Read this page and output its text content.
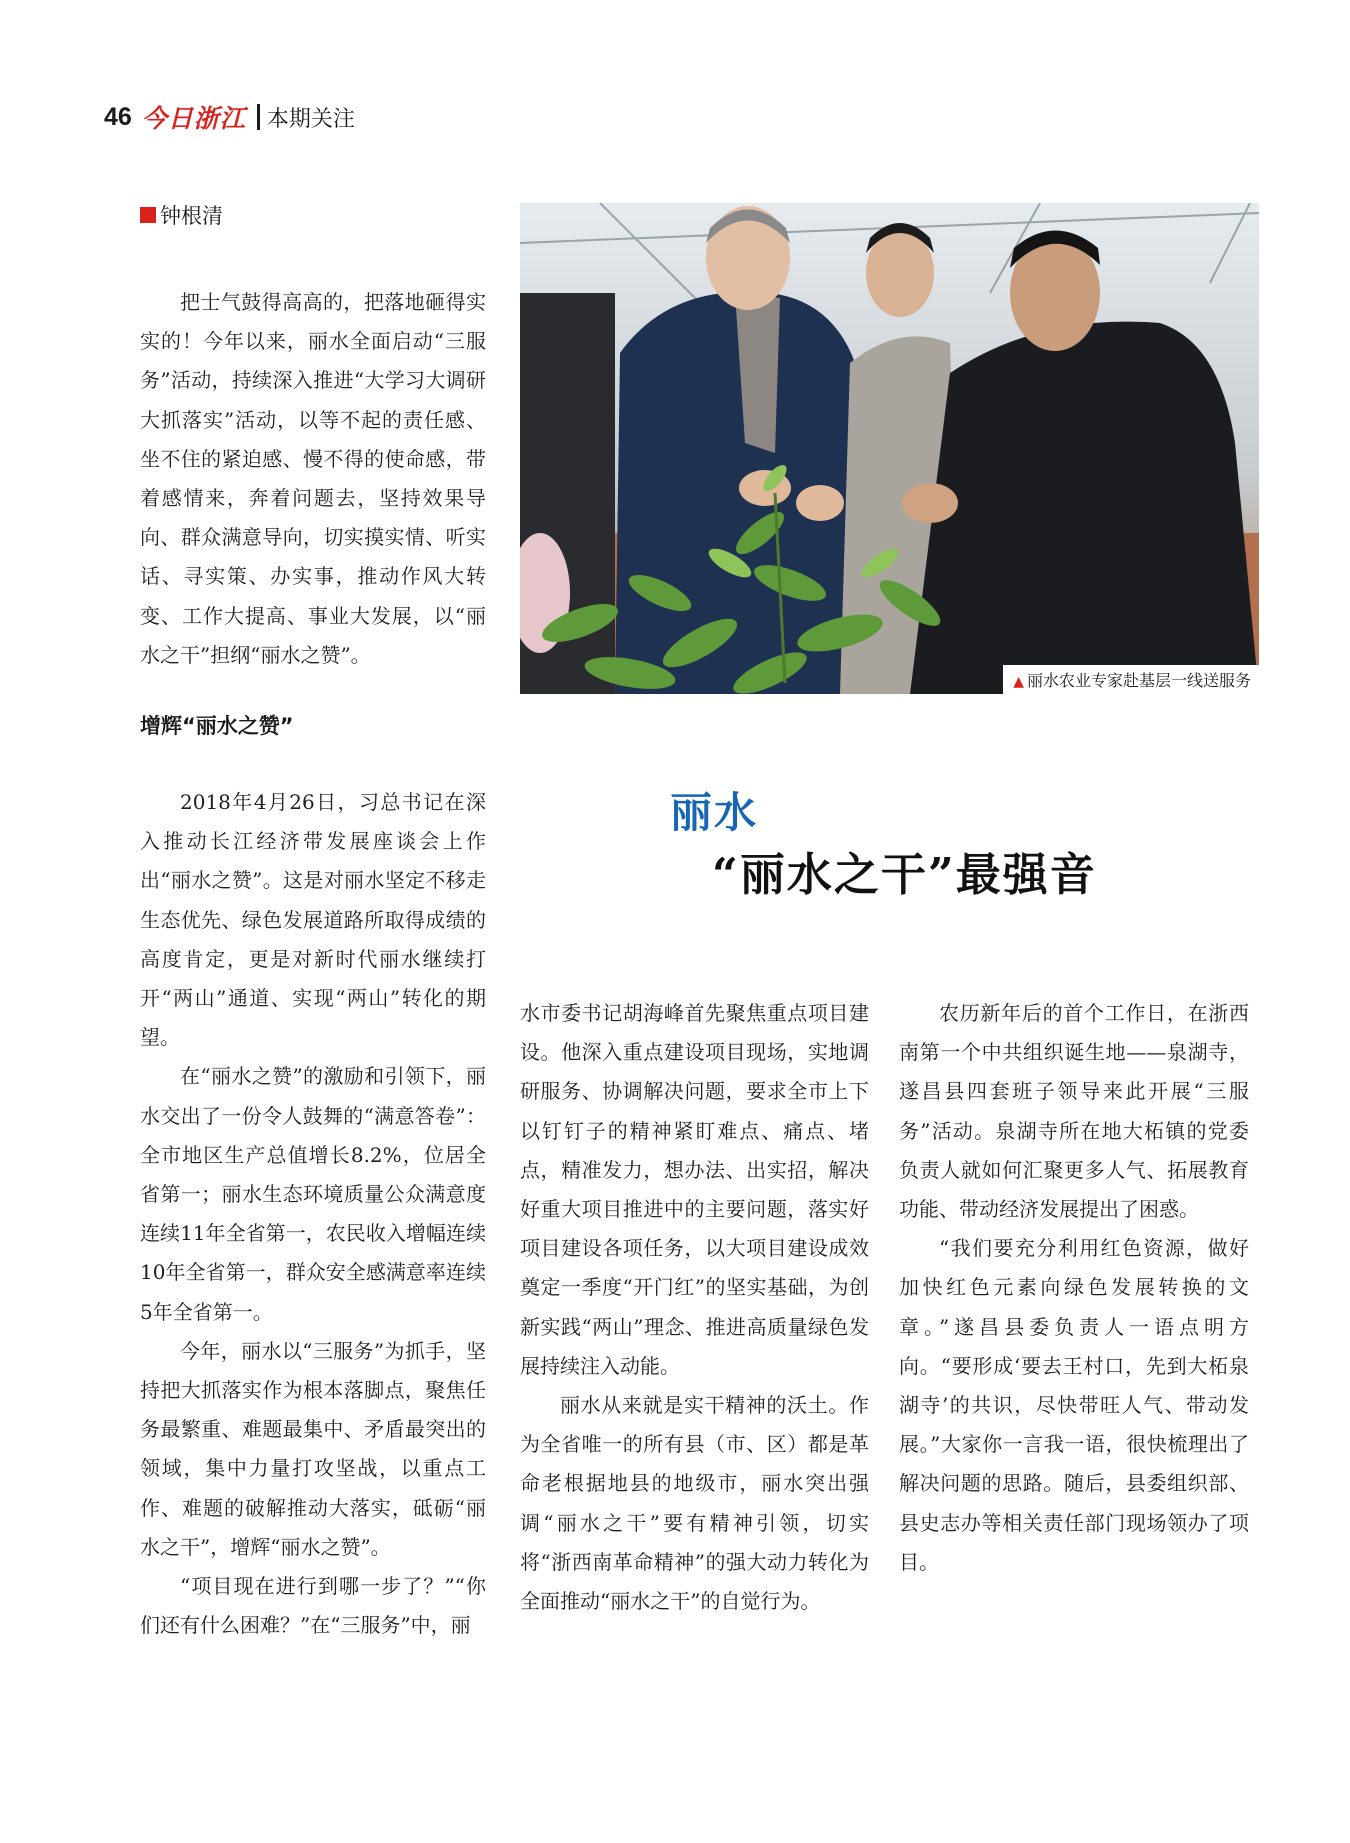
46 今日浙江 本期关注
钟根清
▲ 丽水农业专家赴基层一线送服务

把士气鼓得高高的，把落地砸得实实的！今年以来，丽水全面启动“三服务”活动，持续深入推进“大学习大调研大抓落实”活动，以等不起的责任感、坐不住的紧迫感、慢不得的使命感，带着感情来，奔着问题去，坚持效果导向、群众满意导向，切实摸实情、听实话、寻实策、办实事，推动作风大转变、工作大提高、事业大发展，以“丽水之干”担纲“丽水之赞”。

增辉“丽水之赞”
丽水
“丽水之干”最强音

2018年4月26日，习总书记在深入推动长江经济带发展座谈会上作出“丽水之赞”。这是对丽水坚定不移走生态优先、绿色发展道路所取得成绩的高度肯定，更是对新时代丽水继续打开“两山”通道、实现“两山”转化的期望。

在“丽水之赞”的激励和引领下，丽水交出了一份令人鼓舞的“满意答卷”：全市地区生产总值增长8.2%，位居全省第一；丽水生态环境质量公众满意度连续11年全省第一，农民收入增幅连续10年全省第一，群众安全感满意率连续5年全省第一。

今年，丽水以“三服务”为抓手，坚持把大抓落实作为根本落脚点，聚焦任务最繁重、难题最集中、矛盾最突出的领域，集中力量打攻坚战，以重点工作、难题的破解推动大落实，砥砺“丽水之干”，增辉“丽水之赞”。

“项目现在进行到哪一步了？”“你们还有什么困难？”在“三服务”中，丽

水市委书记胡海峰首先聚焦重点项目建设。他深入重点建设项目现场，实地调研服务、协调解决问题，要求全市上下以钉钉子的精神紧盯难点、痛点、堵点，精准发力，想办法、出实招，解决好重大项目推进中的主要问题，落实好项目建设各项任务，以大项目建设成效奠定一季度“开门红”的坚实基础，为创新实践“两山”理念、推进高质量绿色发展持续注入动能。

丽水从来就是实干精神的沃土。作为全省唯一的所有县（市、区）都是革命老根据地县的地级市，丽水突出强调“丽水之干”要有精神引领，切实将“浙西南革命精神”的强大动力转化为全面推动“丽水之干”的自觉行为。

农历新年后的首个工作日，在浙西南第一个中共组织诞生地——泉湖寺，遂昌县四套班子领导来此开展“三服务”活动。泉湖寺所在地大柘镇的党委负责人就如何汇聚更多人气、拓展教育功能、带动经济发展提出了困惑。

“我们要充分利用红色资源，做好加快红色元素向绿色发展转换的文章。”遂昌县委负责人一语点明方向。“要形成‘要去王村口，先到大柘泉湖寺’的共识，尽快带旺人气、带动发展。”大家你一言我一语，很快梳理出了解决问题的思路。随后，县委组织部、县史志办等相关责任部门现场领办了项目。
